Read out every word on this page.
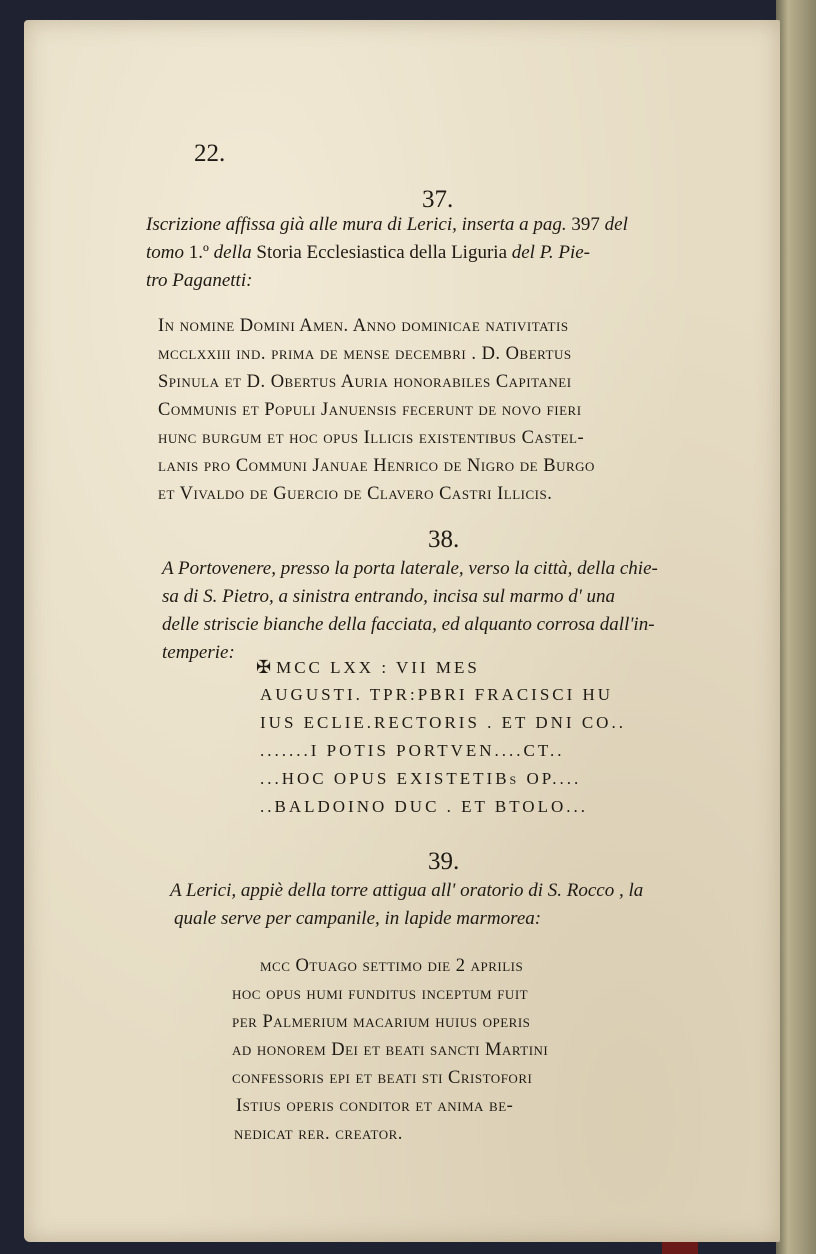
22.
37.
Iscrizione affissa già alle mura di Lerici, inserta a pag. 397 del
tomo 1.º della Storia Ecclesiastica della Liguria del P. Pie-
tro Paganetti:
In nomine Domini Amen. Anno dominicae nativitatis
mcclxxiii ind. prima de mense decembri . D. Obertus
Spinula et D. Obertus Auria honorabiles Capitanei
Communis et Populi Januensis fecerunt de novo fieri
hunc burgum et hoc opus Illicis existentibus Castel-
lanis pro Communi Januae Henrico de Nigro de Burgo
et Vivaldo de Guercio de Clavero Castri Illicis.
38.
A Portovenere, presso la porta laterale, verso la città, della chie-
sa di S. Pietro, a sinistra entrando, incisa sul marmo d' una
delle striscie bianche della facciata, ed alquanto corrosa dall'in-
temperie:
✠ MCC LXX : VII MES
AUGUSTI. TPR:PBRI FRACISCI HU
IUS ECLIE.RECTORIS . ET DNI CO..
.......I POTIS PORTVEN....CT..
...HOC OPUS EXISTETIBs OP....
..BALDOINO DUC . ET BTOLO...
39.
A Lerici, appiè della torre attigua all' oratorio di S. Rocco , la
quale serve per campanile, in lapide marmorea:
mcc Otuago settimo die 2 aprilis
hoc opus humi funditus inceptum fuit
per Palmerium macarium huius operis
ad honorem Dei et beati sancti Martini
confessoris epi et beati sti Cristofori
Istius operis conditor et anima be-
nedicat rer. creator.
